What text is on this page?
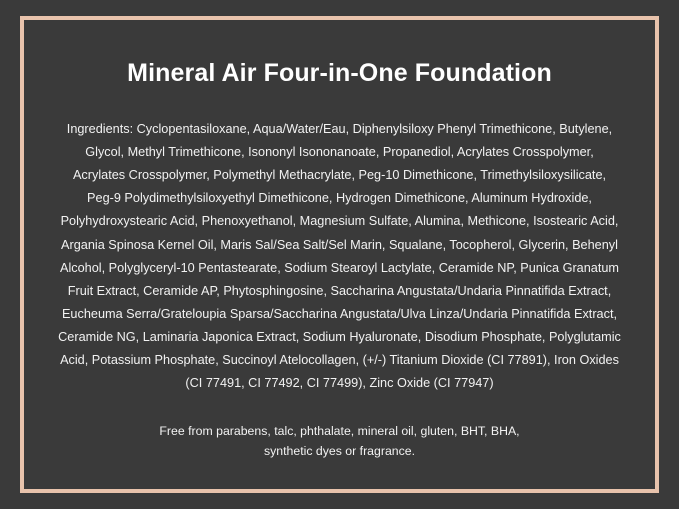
Mineral Air Four-in-One Foundation

Ingredients: Cyclopentasiloxane, Aqua/Water/Eau, Diphenylsiloxy Phenyl Trimethicone, Butylene, Glycol, Methyl Trimethicone, Isononyl Isononanoate, Propanediol, Acrylates Crosspolymer, Acrylates Crosspolymer, Polymethyl Methacrylate, Peg-10 Dimethicone, Trimethylsiloxysilicate, Peg-9 Polydimethylsiloxyethyl Dimethicone, Hydrogen Dimethicone, Aluminum Hydroxide, Polyhydroxystearic Acid, Phenoxyethanol, Magnesium Sulfate, Alumina, Methicone, Isostearic Acid, Argania Spinosa Kernel Oil, Maris Sal/Sea Salt/Sel Marin, Squalane, Tocopherol, Glycerin, Behenyl Alcohol, Polyglyceryl-10 Pentastearate, Sodium Stearoyl Lactylate, Ceramide NP, Punica Granatum Fruit Extract, Ceramide AP, Phytosphingosine, Saccharina Angustata/Undaria Pinnatifida Extract, Eucheuma Serra/Grateloupia Sparsa/Saccharina Angustata/Ulva Linza/Undaria Pinnatifida Extract, Ceramide NG, Laminaria Japonica Extract, Sodium Hyaluronate, Disodium Phosphate, Polyglutamic Acid, Potassium Phosphate, Succinoyl Atelocollagen, (+/-) Titanium Dioxide (CI 77891), Iron Oxides (CI 77491, CI 77492, CI 77499), Zinc Oxide (CI 77947)

Free from parabens, talc, phthalate, mineral oil, gluten, BHT, BHA,
synthetic dyes or fragrance.
